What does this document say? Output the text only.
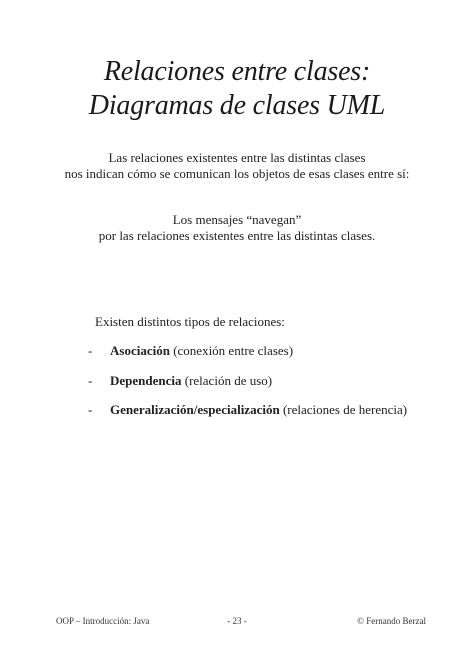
Relaciones entre clases:
Diagramas de clases UML
Las relaciones existentes entre las distintas clases
nos indican cómo se comunican los objetos de esas clases entre sí:
Los mensajes “navegan”
por las relaciones existentes entre las distintas clases.
Existen distintos tipos de relaciones:
- Asociación (conexión entre clases)
- Dependencia (relación de uso)
- Generalización/especialización (relaciones de herencia)
OOP – Introducción: Java	- 23 -	© Fernando Berzal
